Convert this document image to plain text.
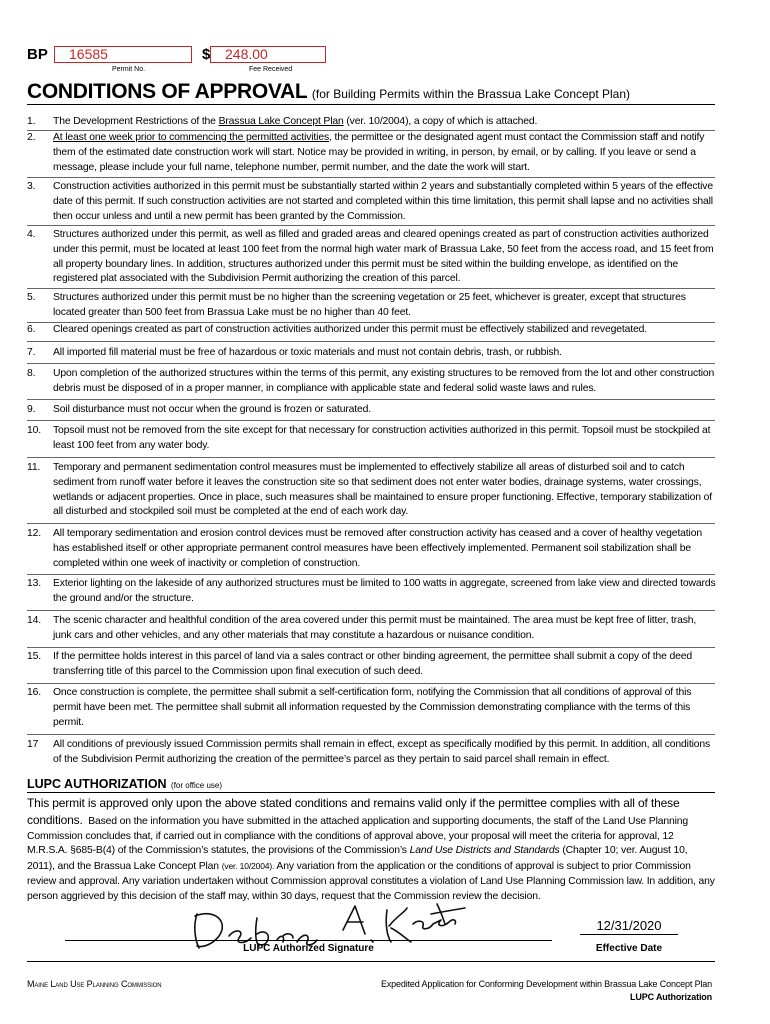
BP	16585
Permit No.
$	248.00
Fee Received
CONDITIONS OF APPROVAL (for Building Permits within the Brassua Lake Concept Plan)
1.	The Development Restrictions of the Brassua Lake Concept Plan (ver. 10/2004), a copy of which is attached.
2.	At least one week prior to commencing the permitted activities, the permittee or the designated agent must contact the Commission staff and notify them of the estimated date construction work will start. Notice may be provided in writing, in person, by email, or by calling. If you leave or send a message, please include your full name, telephone number, permit number, and the date the work will start.
3.	Construction activities authorized in this permit must be substantially started within 2 years and substantially completed within 5 years of the effective date of this permit. If such construction activities are not started and completed within this time limitation, this permit shall lapse and no activities shall then occur unless and until a new permit has been granted by the Commission.
4.	Structures authorized under this permit, as well as filled and graded areas and cleared openings created as part of construction activities authorized under this permit, must be located at least 100 feet from the normal high water mark of Brassua Lake, 50 feet from the access road, and 15 feet from all property boundary lines. In addition, structures authorized under this permit must be sited within the building envelope, as identified on the registered plat associated with the Subdivision Permit authorizing the creation of this parcel.
5.	Structures authorized under this permit must be no higher than the screening vegetation or 25 feet, whichever is greater, except that structures located greater than 500 feet from Brassua Lake must be no higher than 40 feet.
6.	Cleared openings created as part of construction activities authorized under this permit must be effectively stabilized and revegetated.
7.	All imported fill material must be free of hazardous or toxic materials and must not contain debris, trash, or rubbish.
8.	Upon completion of the authorized structures within the terms of this permit, any existing structures to be removed from the lot and other construction debris must be disposed of in a proper manner, in compliance with applicable state and federal solid waste laws and rules.
9.	Soil disturbance must not occur when the ground is frozen or saturated.
10.	Topsoil must not be removed from the site except for that necessary for construction activities authorized in this permit. Topsoil must be stockpiled at least 100 feet from any water body.
11.	Temporary and permanent sedimentation control measures must be implemented to effectively stabilize all areas of disturbed soil and to catch sediment from runoff water before it leaves the construction site so that sediment does not enter water bodies, drainage systems, water crossings, wetlands or adjacent properties. Once in place, such measures shall be maintained to ensure proper functioning. Effective, temporary stabilization of all disturbed and stockpiled soil must be completed at the end of each work day.
12.	All temporary sedimentation and erosion control devices must be removed after construction activity has ceased and a cover of healthy vegetation has established itself or other appropriate permanent control measures have been effectively implemented. Permanent soil stabilization shall be completed within one week of inactivity or completion of construction.
13.	Exterior lighting on the lakeside of any authorized structures must be limited to 100 watts in aggregate, screened from lake view and directed towards the ground and/or the structure.
14.	The scenic character and healthful condition of the area covered under this permit must be maintained. The area must be kept free of litter, trash, junk cars and other vehicles, and any other materials that may constitute a hazardous or nuisance condition.
15.	If the permittee holds interest in this parcel of land via a sales contract or other binding agreement, the permittee shall submit a copy of the deed transferring title of this parcel to the Commission upon final execution of such deed.
16.	Once construction is complete, the permittee shall submit a self-certification form, notifying the Commission that all conditions of approval of this permit have been met. The permittee shall submit all information requested by the Commission demonstrating compliance with the terms of this permit.
17	All conditions of previously issued Commission permits shall remain in effect, except as specifically modified by this permit. In addition, all conditions of the Subdivision Permit authorizing the creation of the permittee’s parcel as they pertain to said parcel shall remain in effect.
LUPC AUTHORIZATION (for office use)
This permit is approved only upon the above stated conditions and remains valid only if the permittee complies with all of these conditions. Based on the information you have submitted in the attached application and supporting documents, the staff of the Land Use Planning Commission concludes that, if carried out in compliance with the conditions of approval above, your proposal will meet the criteria for approval, 12 M.R.S.A. §685-B(4) of the Commission’s statutes, the provisions of the Commission’s Land Use Districts and Standards (Chapter 10; ver. August 10, 2011), and the Brassua Lake Concept Plan (ver. 10/2004). Any variation from the application or the conditions of approval is subject to prior Commission review and approval. Any variation undertaken without Commission approval constitutes a violation of Land Use Planning Commission law. In addition, any person aggrieved by this decision of the staff may, within 30 days, request that the Commission review the decision.
12/31/2020
LUPC Authorized Signature	Effective Date
Maine Land Use Planning Commission	Expedited Application for Conforming Development within Brassua Lake Concept Plan
LUPC Authorization
